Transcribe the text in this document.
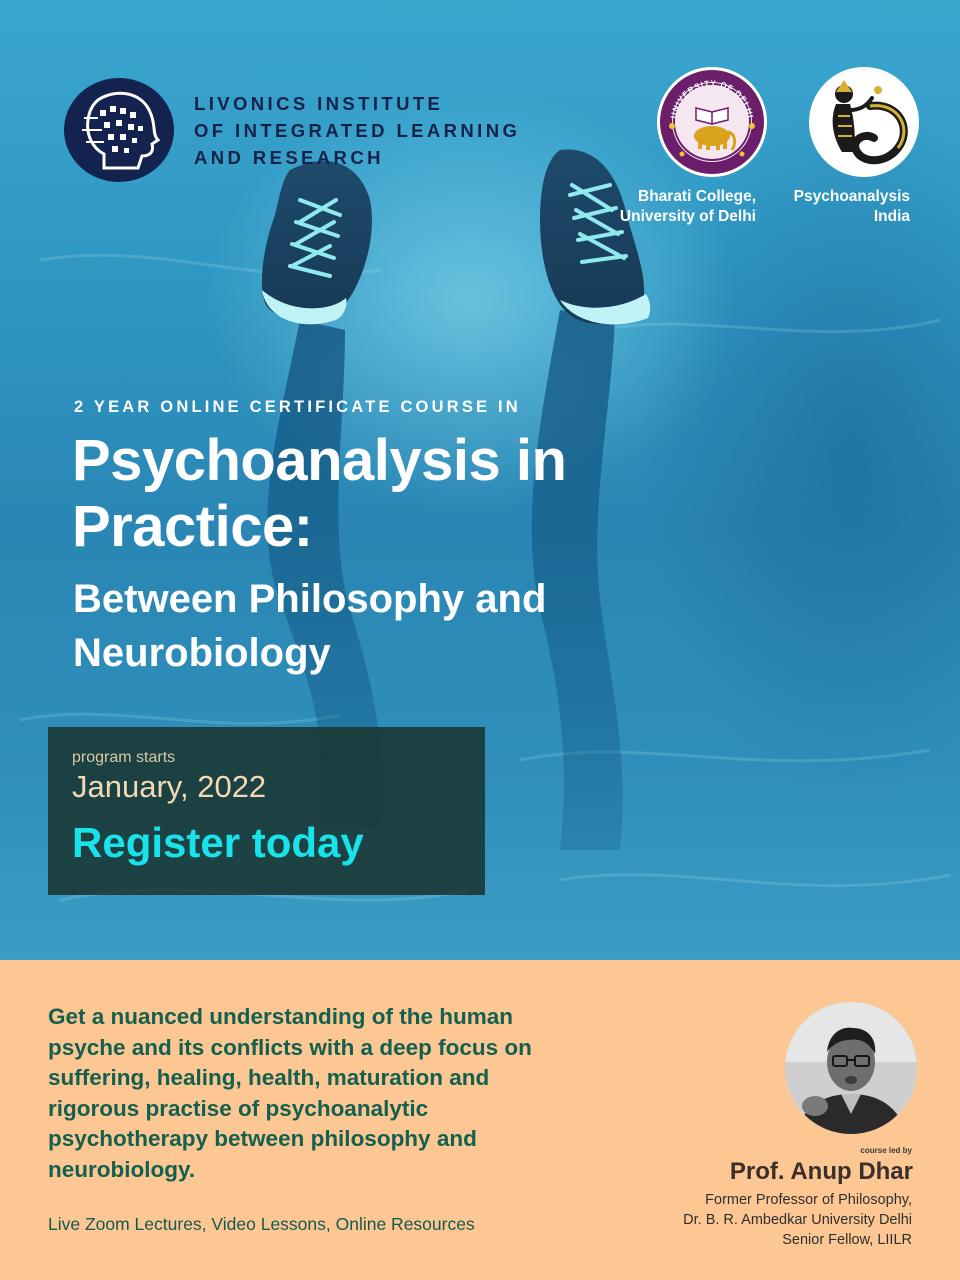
LIVONICS INSTITUTE
OF INTEGRATED LEARNING
AND RESEARCH
UNIVERSITY OF DELHI
Bharati College,
University of Delhi
Psychoanalysis
India
2 YEAR ONLINE CERTIFICATE COURSE IN
Psychoanalysis in
Practice:
Between Philosophy and
Neurobiology
program starts
January, 2022
Register today
Get a nuanced understanding of the human psyche and its conflicts with a deep focus on suffering, healing, health, maturation and rigorous practise of psychoanalytic psychotherapy between philosophy and neurobiology.
Live Zoom Lectures, Video Lessons, Online Resources
course led by
Prof. Anup Dhar
Former Professor of Philosophy,
Dr. B. R. Ambedkar University Delhi
Senior Fellow, LIILR
